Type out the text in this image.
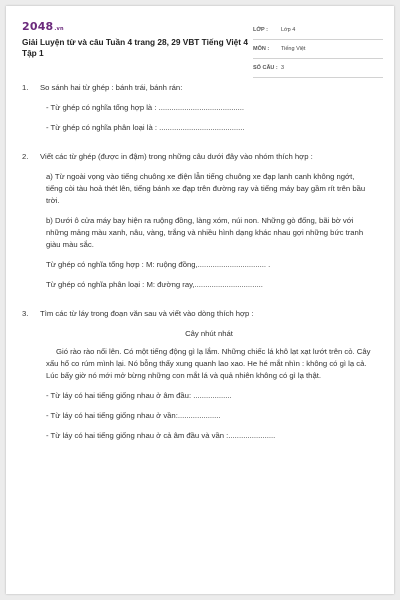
2048.vn
Giải Luyện từ và câu Tuần 4 trang 28, 29 VBT Tiếng Việt 4 Tập 1
LỚP :	Lớp 4
MÔN :	Tiếng Việt
SỐ CÂU : 3
1. So sánh hai từ ghép : bánh trái, bánh rán:
- Từ ghép có nghĩa tổng hợp là : ........................................
- Từ ghép có nghĩa phân loại là : ........................................
2. Viết các từ ghép (được in đậm) trong những câu dưới đây vào nhóm thích hợp :
a) Từ ngoài vọng vào tiếng chuông xe điện lẫn tiếng chuông xe đạp lanh canh không ngớt, tiếng còi tàu hoả thét lên, tiếng bánh xe đạp trên đường ray và tiếng máy bay gầm rít trên bầu trời.
b) Dưới ô cửa máy bay hiện ra ruộng đồng, làng xóm, núi non. Những gò đống, bãi bờ với những mảng màu xanh, nâu, vàng, trắng và nhiều hình dạng khác nhau gợi những bức tranh giàu màu sắc.
Từ ghép có nghĩa tổng hợp : M: ruộng đồng,................................ .
Từ ghép có nghĩa phân loại : M: đường ray,................................
3. Tìm các từ láy trong đoạn văn sau và viết vào dòng thích hợp :
Cây nhút nhát
Gió rào rào nổi lên. Có một tiếng động gì lạ lắm. Những chiếc lá khô lạt xạt lướt trên cỏ. Cây xấu hổ co rúm mình lại. Nó bỗng thấy xung quanh lao xao. He hé mắt nhìn : không có gì lạ cả. Lúc bấy giờ nó mới mở bừng những con mắt lá và quả nhiên không có gì lạ thật.
- Từ láy có hai tiếng giống nhau ở âm đầu: ..................
- Từ láy có hai tiếng giống nhau ở vần:....................
- Từ láy có hai tiếng giống nhau ở cả âm đầu và vần :......................
